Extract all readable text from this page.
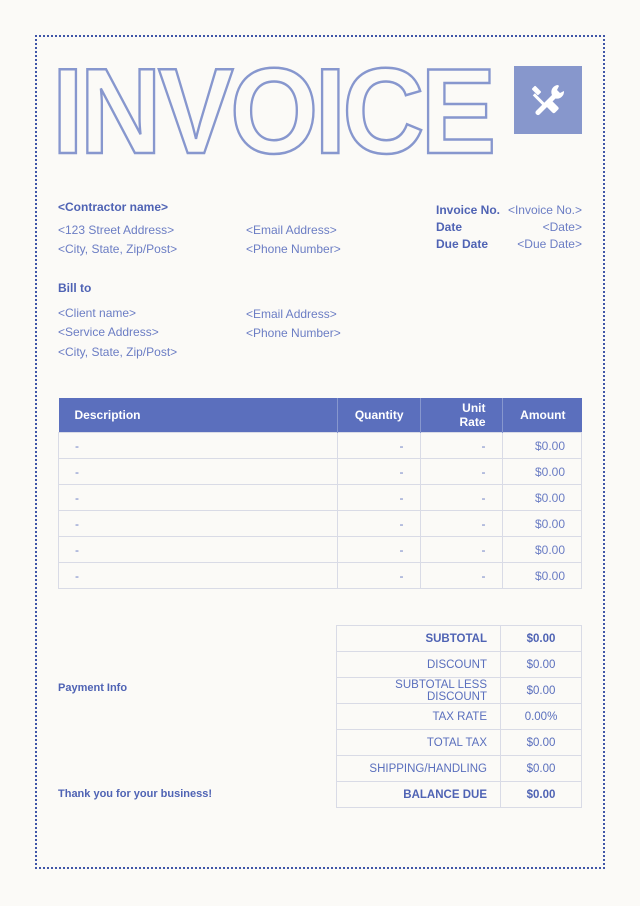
INVOICE
<Contractor name>
<123 Street Address>
<City, State, Zip/Post>
<Email Address>
<Phone Number>
Invoice No. <Invoice No.>
Date	<Date>
Due Date <Due Date>
Bill to
<Client name>
<Service Address>
<City, State, Zip/Post>
<Email Address>
<Phone Number>
Description	Quantity	Unit Rate	Amount
-	-	-	$0.00
-	-	-	$0.00
-	-	-	$0.00
-	-	-	$0.00
-	-	-	$0.00
-	-	-	$0.00
SUBTOTAL	$0.00
DISCOUNT	$0.00
SUBTOTAL LESS DISCOUNT	$0.00
TAX RATE	0.00%
TOTAL TAX	$0.00
SHIPPING/HANDLING	$0.00
BALANCE DUE	$0.00
Payment Info
Thank you for your business!
